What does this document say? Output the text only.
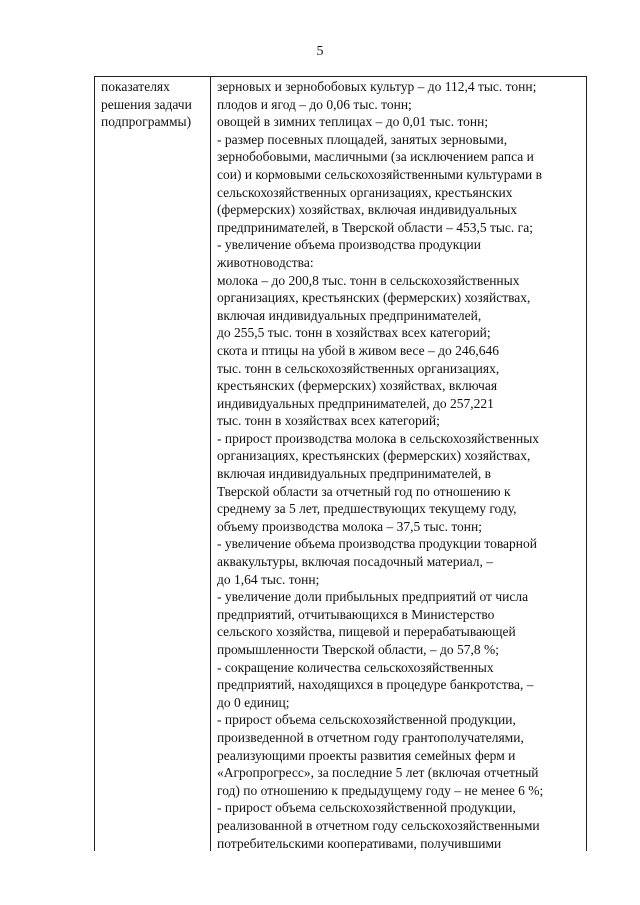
5
показателях
решения задачи
подпрограммы)
зерновых и зернобобовых культур – до 112,4 тыс. тонн;
плодов и ягод – до 0,06 тыс. тонн;
овощей в зимних теплицах – до 0,01 тыс. тонн;
- размер посевных площадей, занятых зерновыми,
зернобобовыми, масличными (за исключением рапса и
сои) и кормовыми сельскохозяйственными культурами в
сельскохозяйственных организациях, крестьянских
(фермерских) хозяйствах, включая индивидуальных
предпринимателей, в Тверской области – 453,5 тыс. га;
- увеличение объема производства продукции
животноводства:
молока – до 200,8 тыс. тонн в сельскохозяйственных
организациях, крестьянских (фермерских) хозяйствах,
включая индивидуальных предпринимателей,
до 255,5 тыс. тонн в хозяйствах всех категорий;
скота и птицы на убой в живом весе – до 246,646
тыс. тонн в сельскохозяйственных организациях,
крестьянских (фермерских) хозяйствах, включая
индивидуальных предпринимателей, до 257,221
тыс. тонн в хозяйствах всех категорий;
- прирост производства молока в сельскохозяйственных
организациях, крестьянских (фермерских) хозяйствах,
включая индивидуальных предпринимателей, в
Тверской области за отчетный год по отношению к
среднему за 5 лет, предшествующих текущему году,
объему производства молока – 37,5 тыс. тонн;
- увеличение объема производства продукции товарной
аквакультуры, включая посадочный материал, –
до 1,64 тыс. тонн;
- увеличение доли прибыльных предприятий от числа
предприятий, отчитывающихся в Министерство
сельского хозяйства, пищевой и перерабатывающей
промышленности Тверской области, – до 57,8 %;
- сокращение количества сельскохозяйственных
предприятий, находящихся в процедуре банкротства, –
до 0 единиц;
- прирост объема сельскохозяйственной продукции,
произведенной в отчетном году грантополучателями,
реализующими проекты развития семейных ферм и
«Агропрогресс», за последние 5 лет (включая отчетный
год) по отношению к предыдущему году – не менее 6 %;
- прирост объема сельскохозяйственной продукции,
реализованной в отчетном году сельскохозяйственными
потребительскими кооперативами, получившими
